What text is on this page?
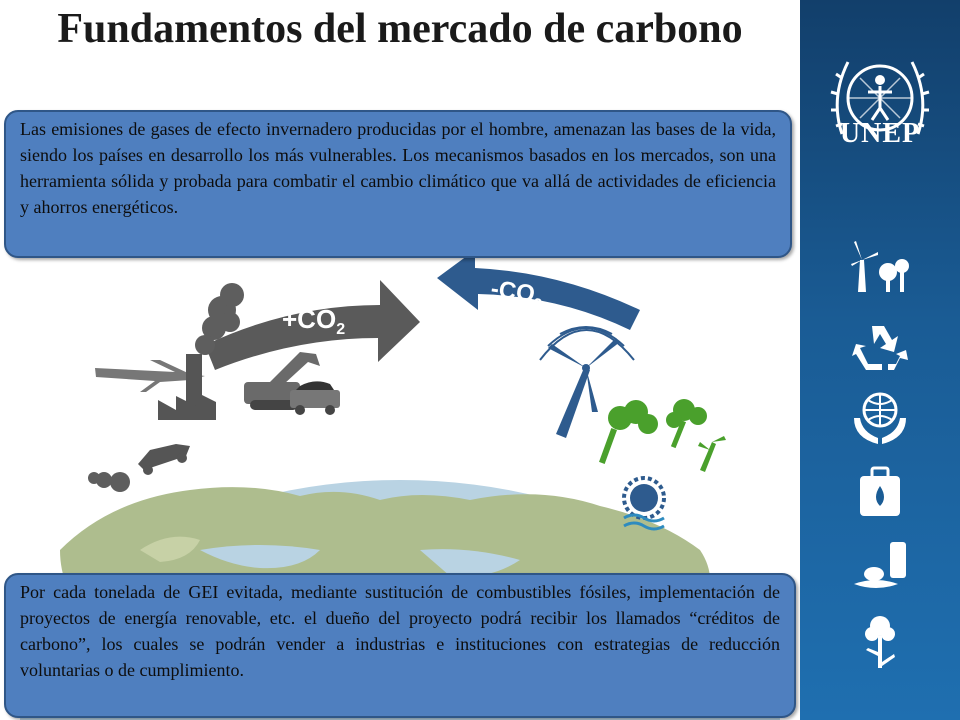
Fundamentos del mercado de carbono
$+CO_2$
$-CO_2$
Las emisiones de gases de efecto invernadero producidas por el hombre, amenazan las bases de la vida, siendo los países en desarrollo los más vulnerables. Los mecanismos basados en los mercados, son una herramienta sólida y probada para combatir el cambio climático que va allá de actividades de eficiencia y ahorros energéticos.
Por cada tonelada de GEI evitada, mediante sustitución de combustibles fósiles, implementación de proyectos de energía renovable, etc. el dueño del proyecto podrá recibir los llamados “créditos de carbono”, los cuales se podrán vender a industrias e instituciones con estrategias de reducción voluntarias o de cumplimiento.
UNEP
